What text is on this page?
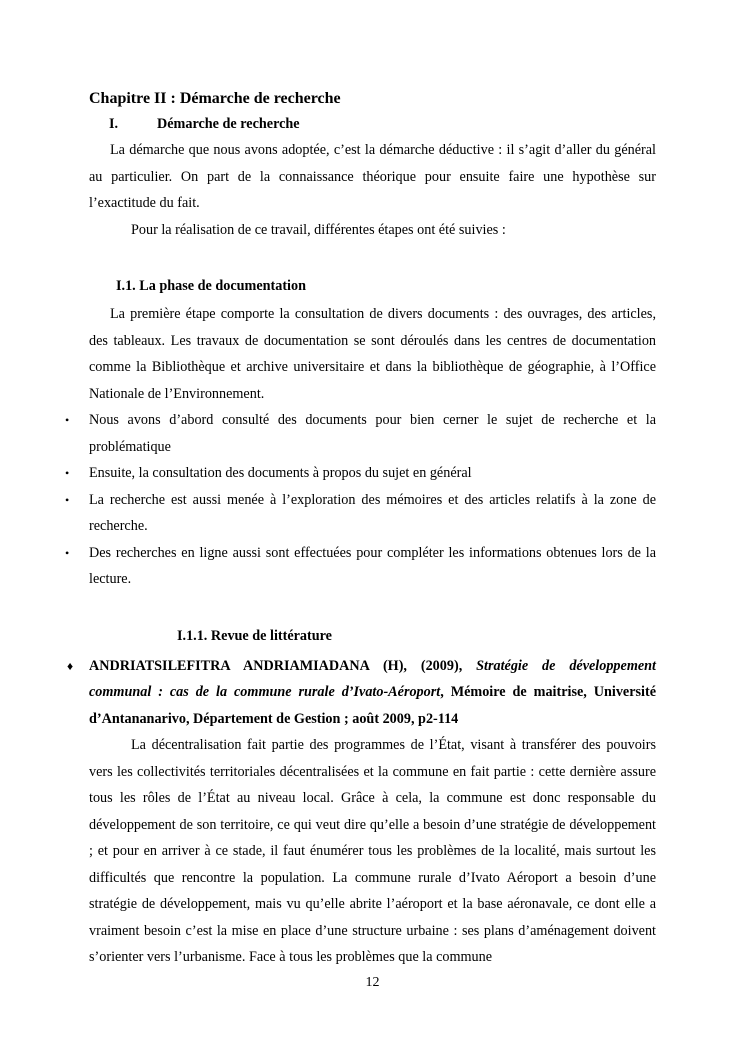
Chapitre II : Démarche de recherche
I.	Démarche de recherche

La démarche que nous avons adoptée, c’est la démarche déductive : il s’agit d’aller du général au particulier. On part de la connaissance théorique pour ensuite faire une hypothèse sur l’exactitude du fait.

Pour la réalisation de ce travail, différentes étapes ont été suivies :

I.1. La phase de documentation

La première étape comporte la consultation de divers documents : des ouvrages, des articles, des tableaux. Les travaux de documentation se sont déroulés dans les centres de documentation comme la Bibliothèque et archive universitaire et dans la bibliothèque de géographie, à l’Office Nationale de l’Environnement.

• Nous avons d’abord consulté des documents pour bien cerner le sujet de recherche et la problématique
• Ensuite, la consultation des documents à propos du sujet en général
• La recherche est aussi menée à l’exploration des mémoires et des articles relatifs à la zone de recherche.
• Des recherches en ligne aussi sont effectuées pour compléter les informations obtenues lors de la lecture.
I.1.1. Revue de littérature

♦ ANDRIATSILEFITRA ANDRIAMIADANA (H), (2009), Stratégie de développement communal : cas de la commune rurale d’Ivato-Aéroport, Mémoire de maitrise, Université d’Antananarivo, Département de Gestion ; août 2009, p2-114

La décentralisation fait partie des programmes de l’État, visant à transférer des pouvoirs vers les collectivités territoriales décentralisées et la commune en fait partie : cette dernière assure tous les rôles de l’État au niveau local. Grâce à cela, la commune est donc responsable du développement de son territoire, ce qui veut dire qu’elle a besoin d’une stratégie de développement ; et pour en arriver à ce stade, il faut énumérer tous les problèmes de la localité, mais surtout les difficultés que rencontre la population. La commune rurale d’Ivato Aéroport a besoin d’une stratégie de développement, mais vu qu’elle abrite l’aéroport et la base aéronavale, ce dont elle a vraiment besoin c’est la mise en place d’une structure urbaine : ses plans d’aménagement doivent s’orienter vers l’urbanisme. Face à tous les problèmes que la commune

12
